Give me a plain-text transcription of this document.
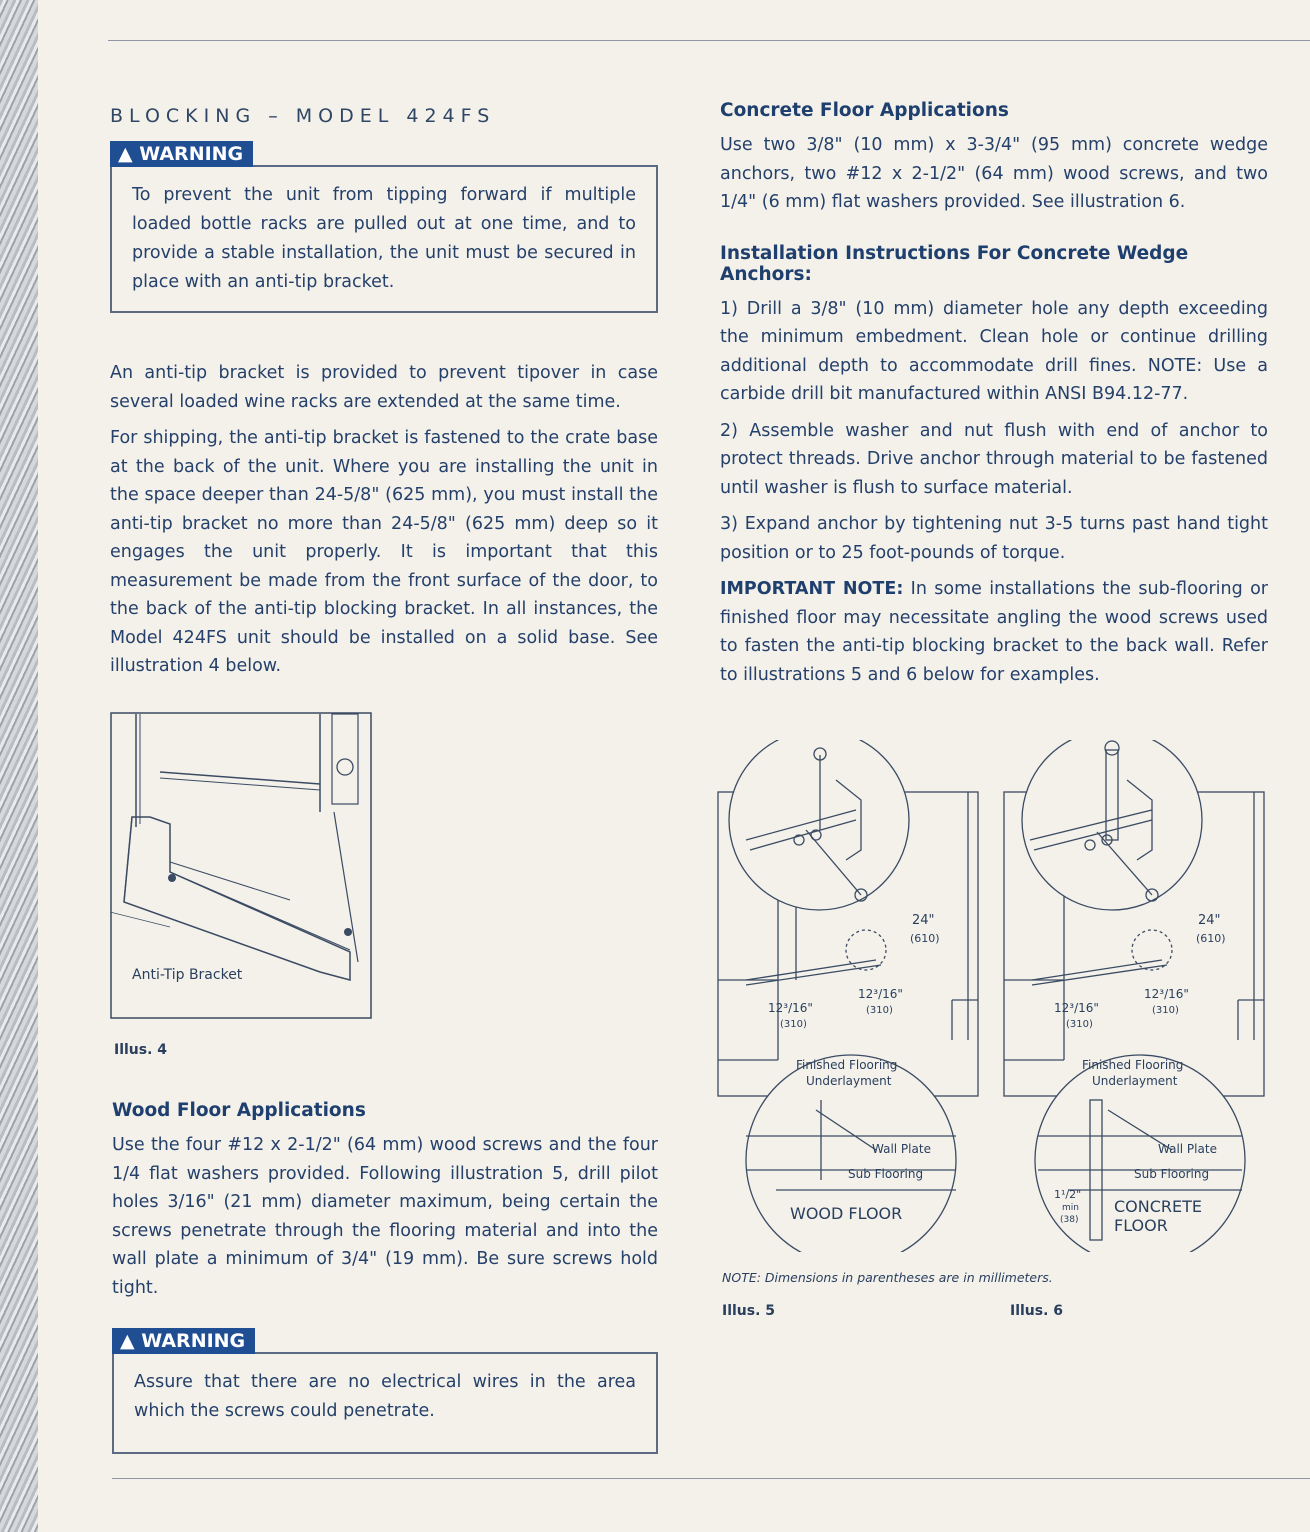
BLOCKING – MODEL 424FS
▲ WARNING
To prevent the unit from tipping forward if multiple loaded bottle racks are pulled out at one time, and to provide a stable installation, the unit must be secured in place with an anti-tip bracket.

An anti-tip bracket is provided to prevent tipover in case several loaded wine racks are extended at the same time.

For shipping, the anti-tip bracket is fastened to the crate base at the back of the unit. Where you are installing the unit in the space deeper than 24-5/8" (625 mm), you must install the anti-tip bracket no more than 24-5/8" (625 mm) deep so it engages the unit properly. It is important that this measurement be made from the front surface of the door, to the back of the anti-tip blocking bracket. In all instances, the Model 424FS unit should be installed on a solid base. See illustration 4 below.

Anti-Tip Bracket
Illus. 4
Wood Floor Applications

Use the four #12 x 2-1/2" (64 mm) wood screws and the four 1/4 flat washers provided. Following illustration 5, drill pilot holes 3/16" (21 mm) diameter maximum, being certain the screws penetrate through the flooring material and into the wall plate a minimum of 3/4" (19 mm). Be sure screws hold tight.

▲ WARNING
Assure that there are no electrical wires in the area which the screws could penetrate.
Concrete Floor Applications

Use two 3/8" (10 mm) x 3-3/4" (95 mm) concrete wedge anchors, two #12 x 2-1/2" (64 mm) wood screws, and two 1/4" (6 mm) flat washers provided. See illustration 6.

Installation Instructions For Concrete Wedge Anchors:

1) Drill a 3/8" (10 mm) diameter hole any depth exceeding the minimum embedment. Clean hole or continue drilling additional depth to accommodate drill fines. NOTE: Use a carbide drill bit manufactured within ANSI B94.12-77.

2) Assemble washer and nut flush with end of anchor to protect threads. Drive anchor through material to be fastened until washer is flush to surface material.

3) Expand anchor by tightening nut 3-5 turns past hand tight position or to 25 foot-pounds of torque.

IMPORTANT NOTE: In some installations the sub-flooring or finished floor may necessitate angling the wood screws used to fasten the anti-tip blocking bracket to the back wall. Refer to illustrations 5 and 6 below for examples.

24"
(610)
12³/16"
(310)
12³/16"
(310)
Finished Flooring
Underlayment
Wall Plate
Sub Flooring
WOOD FLOOR
24"
(610)
12³/16"
(310)
12³/16"
(310)
Finished Flooring
Underlayment
Wall Plate
Sub Flooring
1¹/2"
min
(38)
CONCRETE
FLOOR
NOTE: Dimensions in parentheses are in millimeters.
Illus. 5	Illus. 6
